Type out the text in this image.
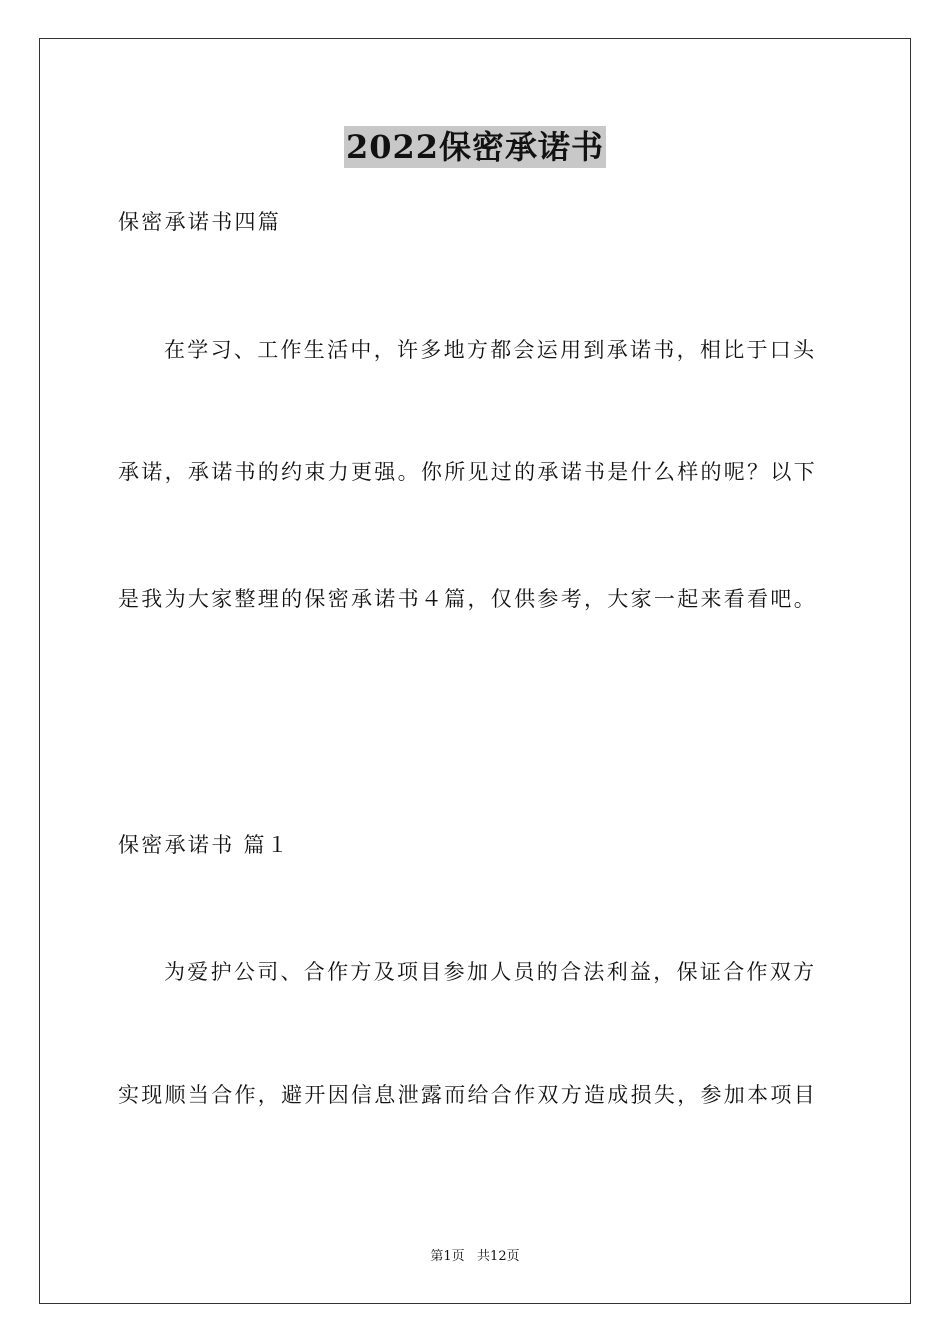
2022保密承诺书
保密承诺书四篇
在学习、工作生活中，许多地方都会运用到承诺书，相比于口头
承诺，承诺书的约束力更强。你所见过的承诺书是什么样的呢？以下
是我为大家整理的保密承诺书４篇，仅供参考，大家一起来看看吧。
保密承诺书 篇１
为爱护公司、合作方及项目参加人员的合法利益，保证合作双方
实现顺当合作，避开因信息泄露而给合作双方造成损失，参加本项目
第1页   共12页
